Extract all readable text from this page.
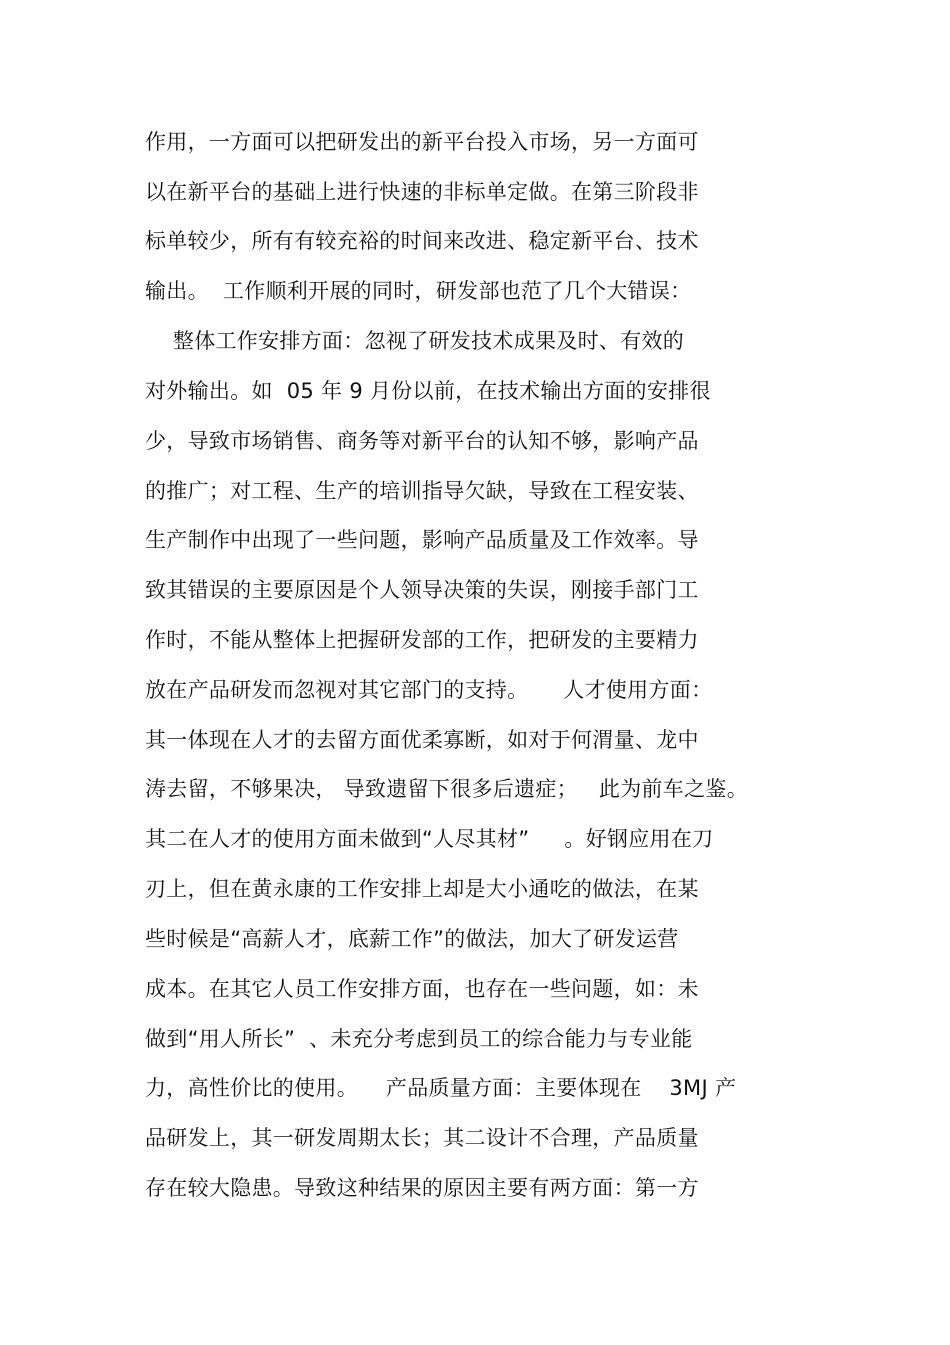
作用，一方面可以把研发出的新平台投入市场，另一方面可
以在新平台的基础上进行快速的非标单定做。在第三阶段非
标单较少，所有有较充裕的时间来改进、稳定新平台、技术
输出。  工作顺利开展的同时，研发部也范了几个大错误：
整体工作安排方面：忽视了研发技术成果及时、有效的
对外输出。如  05 年 9 月份以前，在技术输出方面的安排很
少，导致市场销售、商务等对新平台的认知不够，影响产品
的推广；对工程、生产的培训指导欠缺，导致在工程安装、
生产制作中出现了一些问题，影响产品质量及工作效率。导
致其错误的主要原因是个人领导决策的失误，刚接手部门工
作时，不能从整体上把握研发部的工作，把研发的主要精力
放在产品研发而忽视对其它部门的支持。     人才使用方面：
其一体现在人才的去留方面优柔寡断，如对于何渭量、龙中
涛去留，不够果决， 导致遗留下很多后遗症；   此为前车之鉴。
其二在人才的使用方面未做到“人尽其材”     。好钢应用在刀
刃上，但在黄永康的工作安排上却是大小通吃的做法，在某
些时候是“高薪人才，底薪工作”的做法，加大了研发运营
成本。在其它人员工作安排方面，也存在一些问题，如：未
做到“用人所长”  、未充分考虑到员工的综合能力与专业能
力，高性价比的使用。    产品质量方面：主要体现在    3MJ 产
品研发上，其一研发周期太长；其二设计不合理，产品质量
存在较大隐患。导致这种结果的原因主要有两方面：第一方
